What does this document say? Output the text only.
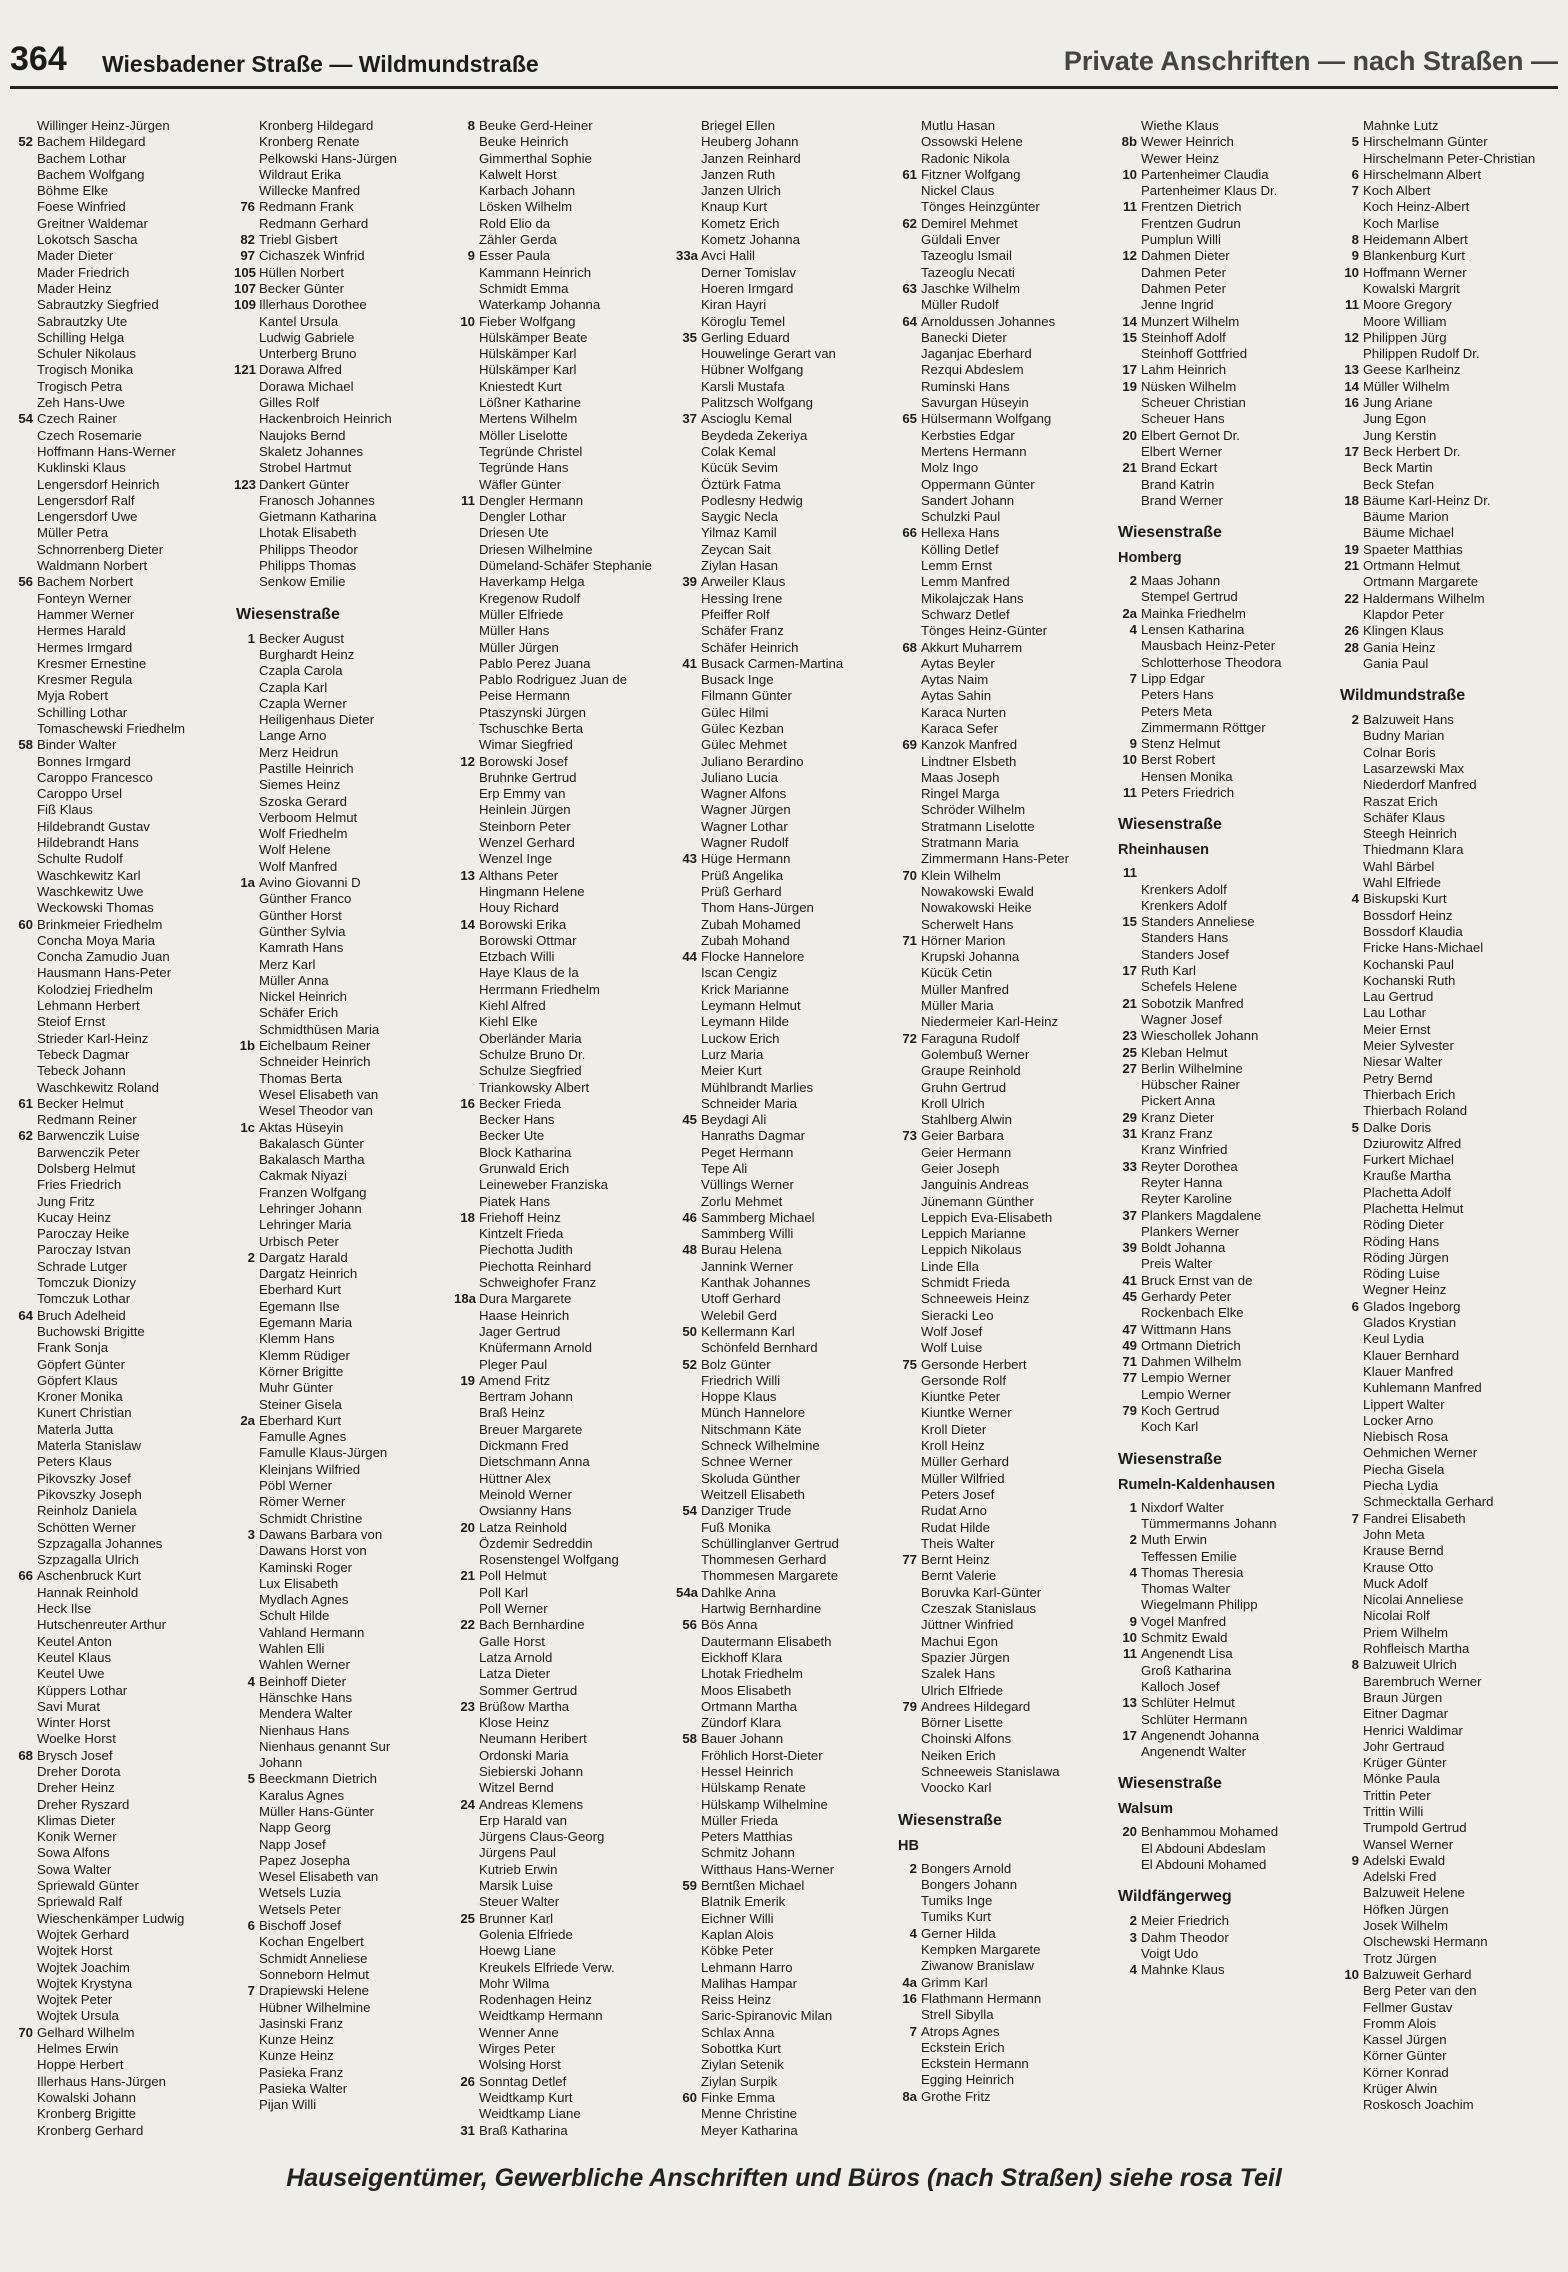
364 Wiesbadener Straße — Wildmundstraße	Private Anschriften — nach Straßen —
Willinger Heinz-Jürgen
52 Bachem Hildegard
Bachem Lothar
Bachem Wolfgang
Böhme Elke
Foese Winfried
Greitner Waldemar
Lokotsch Sascha
Mader Dieter
Mader Friedrich
Mader Heinz
Sabrautzky Siegfried
Sabrautzky Ute
Schilling Helga
Schuler Nikolaus
Trogisch Monika
Trogisch Petra
Zeh Hans-Uwe
54 Czech Rainer
Czech Rosemarie
Hoffmann Hans-Werner
Kuklinski Klaus
Lengersdorf Heinrich
Lengersdorf Ralf
Lengersdorf Uwe
Müller Petra
Schnorrenberg Dieter
Waldmann Norbert
56 Bachem Norbert
Fonteyn Werner
Hammer Werner
Hermes Harald
Hermes Irmgard
Kresmer Ernestine
Kresmer Regula
Myja Robert
Schilling Lothar
Tomaschewski Friedhelm
58 Binder Walter
Bonnes Irmgard
Caroppo Francesco
Caroppo Ursel
Fiß Klaus
Hildebrandt Gustav
Hildebrandt Hans
Schulte Rudolf
Waschkewitz Karl
Waschkewitz Uwe
Weckowski Thomas
60 Brinkmeier Friedhelm
Concha Moya Maria
Concha Zamudio Juan
Hausmann Hans-Peter
Kolodziej Friedhelm
Lehmann Herbert
Steiof Ernst
Strieder Karl-Heinz
Tebeck Dagmar
Tebeck Johann
Waschkewitz Roland
61 Becker Helmut
Redmann Reiner
62 Barwenczik Luise
Barwenczik Peter
Dolsberg Helmut
Fries Friedrich
Jung Fritz
Kucay Heinz
Paroczay Heike
Paroczay Istvan
Schrade Lutger
Tomczuk Dionizy
Tomczuk Lothar
64 Bruch Adelheid
Buchowski Brigitte
Frank Sonja
Göpfert Günter
Göpfert Klaus
Kroner Monika
Kunert Christian
Materla Jutta
Materla Stanislaw
Peters Klaus
Pikovszky Josef
Pikovszky Joseph
Reinholz Daniela
Schötten Werner
Szpzagalla Johannes
Szpzagalla Ulrich
66 Aschenbruck Kurt
Hannak Reinhold
Heck Ilse
Hutschenreuter Arthur
Keutel Anton
Keutel Klaus
Keutel Uwe
Küppers Lothar
Savi Murat
Winter Horst
Woelke Horst
68 Brysch Josef
Dreher Dorota
Dreher Heinz
Dreher Ryszard
Klimas Dieter
Konik Werner
Sowa Alfons
Sowa Walter
Spriewald Günter
Spriewald Ralf
Wieschenkämper Ludwig
Wojtek Gerhard
Wojtek Horst
Wojtek Joachim
Wojtek Krystyna
Wojtek Peter
Wojtek Ursula
70 Gelhard Wilhelm
Helmes Erwin
Hoppe Herbert
Illerhaus Hans-Jürgen
Kowalski Johann
Kronberg Brigitte
Kronberg Gerhard
Kronberg Hildegard
Kronberg Renate
Pelkowski Hans-Jürgen
Wildraut Erika
Willecke Manfred
76 Redmann Frank
Redmann Gerhard
82 Triebl Gisbert
97 Cichaszek Winfrid
105 Hüllen Norbert
107 Becker Günter
109 Illerhaus Dorothee
Kantel Ursula
Ludwig Gabriele
Unterberg Bruno
121 Dorawa Alfred
Dorawa Michael
Gilles Rolf
Hackenbroich Heinrich
Naujoks Bernd
Skaletz Johannes
Strobel Hartmut
123 Dankert Günter
Franosch Johannes
Gietmann Katharina
Lhotak Elisabeth
Philipps Theodor
Philipps Thomas
Senkow Emilie
Wiesenstraße
1 Becker August
Burghardt Heinz
Czapla Carola
Czapla Karl
Czapla Werner
Heiligenhaus Dieter
Lange Arno
Merz Heidrun
Pastille Heinrich
Siemes Heinz
Szoska Gerard
Verboom Helmut
Wolf Friedhelm
Wolf Helene
Wolf Manfred
1a Avino Giovanni D
Günther Franco
Günther Horst
Günther Sylvia
Kamrath Hans
Merz Karl
Müller Anna
Nickel Heinrich
Schäfer Erich
Schmidthüsen Maria
1b Eichelbaum Reiner
Schneider Heinrich
Thomas Berta
Wesel Elisabeth van
Wesel Theodor van
1c Aktas Hüseyin
Bakalasch Günter
Bakalasch Martha
Cakmak Niyazi
Franzen Wolfgang
Lehringer Johann
Lehringer Maria
Urbisch Peter
2 Dargatz Harald
Dargatz Heinrich
Eberhard Kurt
Egemann Ilse
Egemann Maria
Klemm Hans
Klemm Rüdiger
Körner Brigitte
Muhr Günter
Steiner Gisela
2a Eberhard Kurt
Famulle Agnes
Famulle Klaus-Jürgen
Kleinjans Wilfried
Pöbl Werner
Römer Werner
Schmidt Christine
3 Dawans Barbara von
Dawans Horst von
Kaminski Roger
Lux Elisabeth
Mydlach Agnes
Schult Hilde
Vahland Hermann
Wahlen Elli
Wahlen Werner
4 Beinhoff Dieter
Hänschke Hans
Mendera Walter
Nienhaus Hans
Nienhaus genannt Sur
Johann
5 Beeckmann Dietrich
Karalus Agnes
Müller Hans-Günter
Napp Georg
Napp Josef
Papez Josepha
Wesel Elisabeth van
Wetsels Luzia
Wetsels Peter
6 Bischoff Josef
Kochan Engelbert
Schmidt Anneliese
Sonneborn Helmut
7 Drapiewski Helene
Hübner Wilhelmine
Jasinski Franz
Kunze Heinz
Kunze Heinz
Pasieka Franz
Pasieka Walter
Pijan Willi
8 Beuke Gerd-Heiner
Beuke Heinrich
Gimmerthal Sophie
Kalwelt Horst
Karbach Johann
Lösken Wilhelm
Rold Elio da
Zähler Gerda
9 Esser Paula
Kammann Heinrich
Schmidt Emma
Waterkamp Johanna
10 Fieber Wolfgang
Hülskämper Beate
Hülskämper Karl
Hülskämper Karl
Kniestedt Kurt
Lößner Katharine
Mertens Wilhelm
Möller Liselotte
Tegründe Christel
Tegründe Hans
Wäfler Günter
11 Dengler Hermann
Dengler Lothar
Driesen Ute
Driesen Wilhelmine
Dümeland-Schäfer Stephanie
Haverkamp Helga
Kregenow Rudolf
Müller Elfriede
Müller Hans
Müller Jürgen
Pablo Perez Juana
Pablo Rodriguez Juan de
Peise Hermann
Ptaszynski Jürgen
Tschuschke Berta
Wimar Siegfried
12 Borowski Josef
Bruhnke Gertrud
Erp Emmy van
Heinlein Jürgen
Steinborn Peter
Wenzel Gerhard
Wenzel Inge
13 Althans Peter
Hingmann Helene
Houy Richard
14 Borowski Erika
Borowski Ottmar
Etzbach Willi
Haye Klaus de la
Herrmann Friedhelm
Kiehl Alfred
Kiehl Elke
Oberländer Maria
Schulze Bruno Dr.
Schulze Siegfried
Triankowsky Albert
16 Becker Frieda
Becker Hans
Becker Ute
Block Katharina
Grunwald Erich
Leineweber Franziska
Piatek Hans
18 Friehoff Heinz
Kintzelt Frieda
Piechotta Judith
Piechotta Reinhard
Schweighofer Franz
18a Dura Margarete
Haase Heinrich
Jager Gertrud
Knüfermann Arnold
Pleger Paul
19 Amend Fritz
Bertram Johann
Braß Heinz
Breuer Margarete
Dickmann Fred
Dietschmann Anna
Hüttner Alex
Meinold Werner
Owsianny Hans
20 Latza Reinhold
Özdemir Sedreddin
Rosenstengel Wolfgang
21 Poll Helmut
Poll Karl
Poll Werner
22 Bach Bernhardine
Galle Horst
Latza Arnold
Latza Dieter
Sommer Gertrud
23 Brüßow Martha
Klose Heinz
Neumann Heribert
Ordonski Maria
Siebierski Johann
Witzel Bernd
24 Andreas Klemens
Erp Harald van
Jürgens Claus-Georg
Jürgens Paul
Kutrieb Erwin
Marsik Luise
Steuer Walter
25 Brunner Karl
Golenia Elfriede
Hoewg Liane
Kreukels Elfriede Verw.
Mohr Wilma
Rodenhagen Heinz
Weidtkamp Hermann
Wenner Anne
Wirges Peter
Wolsing Horst
26 Sonntag Detlef
Weidtkamp Kurt
Weidtkamp Liane
31 Braß Katharina
Briegel Ellen
Heuberg Johann
Janzen Reinhard
Janzen Ruth
Janzen Ulrich
Knaup Kurt
Kometz Erich
Kometz Johanna
33a Avci Halil
Derner Tomislav
Hoeren Irmgard
Kiran Hayri
Köroglu Temel
35 Gerling Eduard
Houwelinge Gerart van
Hübner Wolfgang
Karsli Mustafa
Palitzsch Wolfgang
37 Ascioglu Kemal
Beydeda Zekeriya
Colak Kemal
Kücük Sevim
Öztürk Fatma
Podlesny Hedwig
Saygic Necla
Yilmaz Kamil
Zeycan Sait
Ziylan Hasan
39 Arweiler Klaus
Hessing Irene
Pfeiffer Rolf
Schäfer Franz
Schäfer Heinrich
41 Busack Carmen-Martina
Busack Inge
Filmann Günter
Gülec Hilmi
Gülec Kezban
Gülec Mehmet
Juliano Berardino
Juliano Lucia
Wagner Alfons
Wagner Jürgen
Wagner Lothar
Wagner Rudolf
43 Hüge Hermann
Prüß Angelika
Prüß Gerhard
Thom Hans-Jürgen
Zubah Mohamed
Zubah Mohand
44 Flocke Hannelore
Iscan Cengiz
Krick Marianne
Leymann Helmut
Leymann Hilde
Luckow Erich
Lurz Maria
Meier Kurt
Mühlbrandt Marlies
Schneider Maria
45 Beydagi Ali
Hanraths Dagmar
Peget Hermann
Tepe Ali
Vüllings Werner
Zorlu Mehmet
46 Sammberg Michael
Sammberg Willi
48 Burau Helena
Jannink Werner
Kanthak Johannes
Utoff Gerhard
Welebil Gerd
50 Kellermann Karl
Schönfeld Bernhard
52 Bolz Günter
Friedrich Willi
Hoppe Klaus
Münch Hannelore
Nitschmann Käte
Schneck Wilhelmine
Schnee Werner
Skoluda Günther
Weitzell Elisabeth
54 Danziger Trude
Fuß Monika
Schüllinglanver Gertrud
Thommesen Gerhard
Thommesen Margarete
54a Dahlke Anna
Hartwig Bernhardine
56 Bös Anna
Dautermann Elisabeth
Eickhoff Klara
Lhotak Friedhelm
Moos Elisabeth
Ortmann Martha
Zündorf Klara
58 Bauer Johann
Fröhlich Horst-Dieter
Hessel Heinrich
Hülskamp Renate
Hülskamp Wilhelmine
Müller Frieda
Peters Matthias
Schmitz Johann
Witthaus Hans-Werner
59 Berntßen Michael
Blatnik Emerik
Eichner Willi
Kaplan Alois
Köbke Peter
Lehmann Harro
Malihas Hampar
Reiss Heinz
Saric-Spiranovic Milan
Schlax Anna
Sobottka Kurt
Ziylan Setenik
Ziylan Surpik
60 Finke Emma
Menne Christine
Meyer Katharina
Mutlu Hasan
Ossowski Helene
Radonic Nikola
61 Fitzner Wolfgang
Nickel Claus
Tönges Heinzgünter
62 Demirel Mehmet
Güldali Enver
Tazeoglu Ismail
Tazeoglu Necati
63 Jaschke Wilhelm
Müller Rudolf
64 Arnoldussen Johannes
Banecki Dieter
Jaganjac Eberhard
Rezqui Abdeslem
Ruminski Hans
Savurgan Hüseyin
65 Hülsermann Wolfgang
Kerbsties Edgar
Mertens Hermann
Molz Ingo
Oppermann Günter
Sandert Johann
Schulzki Paul
66 Hellexa Hans
Kölling Detlef
Lemm Ernst
Lemm Manfred
Mikolajczak Hans
Schwarz Detlef
Tönges Heinz-Günter
68 Akkurt Muharrem
Aytas Beyler
Aytas Naim
Aytas Sahin
Karaca Nurten
Karaca Sefer
69 Kanzok Manfred
Lindtner Elsbeth
Maas Joseph
Ringel Marga
Schröder Wilhelm
Stratmann Liselotte
Stratmann Maria
Zimmermann Hans-Peter
70 Klein Wilhelm
Nowakowski Ewald
Nowakowski Heike
Scherwelt Hans
71 Hörner Marion
Krupski Johanna
Kücük Cetin
Müller Manfred
Müller Maria
Niedermeier Karl-Heinz
72 Faraguna Rudolf
Golembuß Werner
Graupe Reinhold
Gruhn Gertrud
Kroll Ulrich
Stahlberg Alwin
73 Geier Barbara
Geier Hermann
Geier Joseph
Janguinis Andreas
Jünemann Günther
Leppich Eva-Elisabeth
Leppich Marianne
Leppich Nikolaus
Linde Ella
Schmidt Frieda
Schneeweis Heinz
Sieracki Leo
Wolf Josef
Wolf Luise
75 Gersonde Herbert
Gersonde Rolf
Kiuntke Peter
Kiuntke Werner
Kroll Dieter
Kroll Heinz
Müller Gerhard
Müller Wilfried
Peters Josef
Rudat Arno
Rudat Hilde
Theis Walter
77 Bernt Heinz
Bernt Valerie
Boruvka Karl-Günter
Czeszak Stanislaus
Jüttner Winfried
Machui Egon
Spazier Jürgen
Szalek Hans
Ulrich Elfriede
79 Andrees Hildegard
Börner Lisette
Choinski Alfons
Neiken Erich
Schneeweis Stanislawa
Voocko Karl
Wiesenstraße
HB
2 Bongers Arnold
Bongers Johann
Tumiks Inge
Tumiks Kurt
4 Gerner Hilda
Kempken Margarete
Ziwanow Branislaw
4a Grimm Karl
16 Flathmann Hermann
Strell Sibylla
7 Atrops Agnes
Eckstein Erich
Eckstein Hermann
Egging Heinrich
8a Grothe Fritz
Wiethe Klaus
8b Wewer Heinrich
Wewer Heinz
10 Partenheimer Claudia
Partenheimer Klaus Dr.
11 Frentzen Dietrich
Frentzen Gudrun
Pumplun Willi
12 Dahmen Dieter
Dahmen Peter
Dahmen Peter
Jenne Ingrid
14 Munzert Wilhelm
15 Steinhoff Adolf
Steinhoff Gottfried
17 Lahm Heinrich
19 Nüsken Wilhelm
Scheuer Christian
Scheuer Hans
20 Elbert Gernot Dr.
Elbert Werner
21 Brand Eckart
Brand Katrin
Brand Werner
Wiesenstraße
Homberg
2 Maas Johann
Stempel Gertrud
2a Mainka Friedhelm
4 Lensen Katharina
Mausbach Heinz-Peter
Schlotterhose Theodora
7 Lipp Edgar
Peters Hans
Peters Meta
Zimmermann Röttger
9 Stenz Helmut
10 Berst Robert
Hensen Monika
11 Peters Friedrich
Wiesenstraße
Rheinhausen
11
Krenkers Adolf
Krenkers Adolf
15 Standers Anneliese
Standers Hans
Standers Josef
17 Ruth Karl
Schefels Helene
21 Sobotzik Manfred
Wagner Josef
23 Wieschollek Johann
25 Kleban Helmut
27 Berlin Wilhelmine
Hübscher Rainer
Pickert Anna
29 Kranz Dieter
31 Kranz Franz
Kranz Winfried
33 Reyter Dorothea
Reyter Hanna
Reyter Karoline
37 Plankers Magdalene
Plankers Werner
39 Boldt Johanna
Preis Walter
41 Bruck Ernst van de
45 Gerhardy Peter
Rockenbach Elke
47 Wittmann Hans
49 Ortmann Dietrich
71 Dahmen Wilhelm
77 Lempio Werner
Lempio Werner
79 Koch Gertrud
Koch Karl
Wiesenstraße
Rumeln-Kaldenhausen
1 Nixdorf Walter
Tümmermanns Johann
2 Muth Erwin
Teffessen Emilie
4 Thomas Theresia
Thomas Walter
Wiegelmann Philipp
9 Vogel Manfred
10 Schmitz Ewald
11 Angenendt Lisa
Groß Katharina
Kalloch Josef
13 Schlüter Helmut
Schlüter Hermann
17 Angenendt Johanna
Angenendt Walter
Wiesenstraße
Walsum
20 Benhammou Mohamed
El Abdouni Abdeslam
El Abdouni Mohamed
Wildfängerweg
2 Meier Friedrich
3 Dahm Theodor
Voigt Udo
4 Mahnke Klaus
Mahnke Lutz
5 Hirschelmann Günter
Hirschelmann Peter-Christian
6 Hirschelmann Albert
7 Koch Albert
Koch Heinz-Albert
Koch Marlise
8 Heidemann Albert
9 Blankenburg Kurt
10 Hoffmann Werner
Kowalski Margrit
11 Moore Gregory
Moore William
12 Philippen Jürg
Philippen Rudolf Dr.
13 Geese Karlheinz
14 Müller Wilhelm
16 Jung Ariane
Jung Egon
Jung Kerstin
17 Beck Herbert Dr.
Beck Martin
Beck Stefan
18 Bäume Karl-Heinz Dr.
Bäume Marion
Bäume Michael
19 Spaeter Matthias
21 Ortmann Helmut
Ortmann Margarete
22 Haldermans Wilhelm
Klapdor Peter
26 Klingen Klaus
28 Gania Heinz
Gania Paul
Wildmundstraße
2 Balzuweit Hans
Budny Marian
Colnar Boris
Lasarzewski Max
Niederdorf Manfred
Raszat Erich
Schäfer Klaus
Steegh Heinrich
Thiedmann Klara
Wahl Bärbel
Wahl Elfriede
4 Biskupski Kurt
Bossdorf Heinz
Bossdorf Klaudia
Fricke Hans-Michael
Kochanski Paul
Kochanski Ruth
Lau Gertrud
Lau Lothar
Meier Ernst
Meier Sylvester
Niesar Walter
Petry Bernd
Thierbach Erich
Thierbach Roland
5 Dalke Doris
Dziurowitz Alfred
Furkert Michael
Krauße Martha
Plachetta Adolf
Plachetta Helmut
Röding Dieter
Röding Hans
Röding Jürgen
Röding Luise
Wegner Heinz
6 Glados Ingeborg
Glados Krystian
Keul Lydia
Klauer Bernhard
Klauer Manfred
Kuhlemann Manfred
Lippert Walter
Locker Arno
Niebisch Rosa
Oehmichen Werner
Piecha Gisela
Piecha Lydia
Schmecktalla Gerhard
7 Fandrei Elisabeth
John Meta
Krause Bernd
Krause Otto
Muck Adolf
Nicolai Anneliese
Nicolai Rolf
Priem Wilhelm
Rohfleisch Martha
8 Balzuweit Ulrich
Barembruch Werner
Braun Jürgen
Eitner Dagmar
Henrici Waldimar
Johr Gertraud
Krüger Günter
Mönke Paula
Trittin Peter
Trittin Willi
Trumpold Gertrud
Wansel Werner
9 Adelski Ewald
Adelski Fred
Balzuweit Helene
Höfken Jürgen
Josek Wilhelm
Olschewski Hermann
Trotz Jürgen
10 Balzuweit Gerhard
Berg Peter van den
Fellmer Gustav
Fromm Alois
Kassel Jürgen
Körner Günter
Körner Konrad
Krüger Alwin
Roskosch Joachim
Hauseigentümer, Gewerbliche Anschriften und Büros (nach Straßen) siehe rosa Teil
